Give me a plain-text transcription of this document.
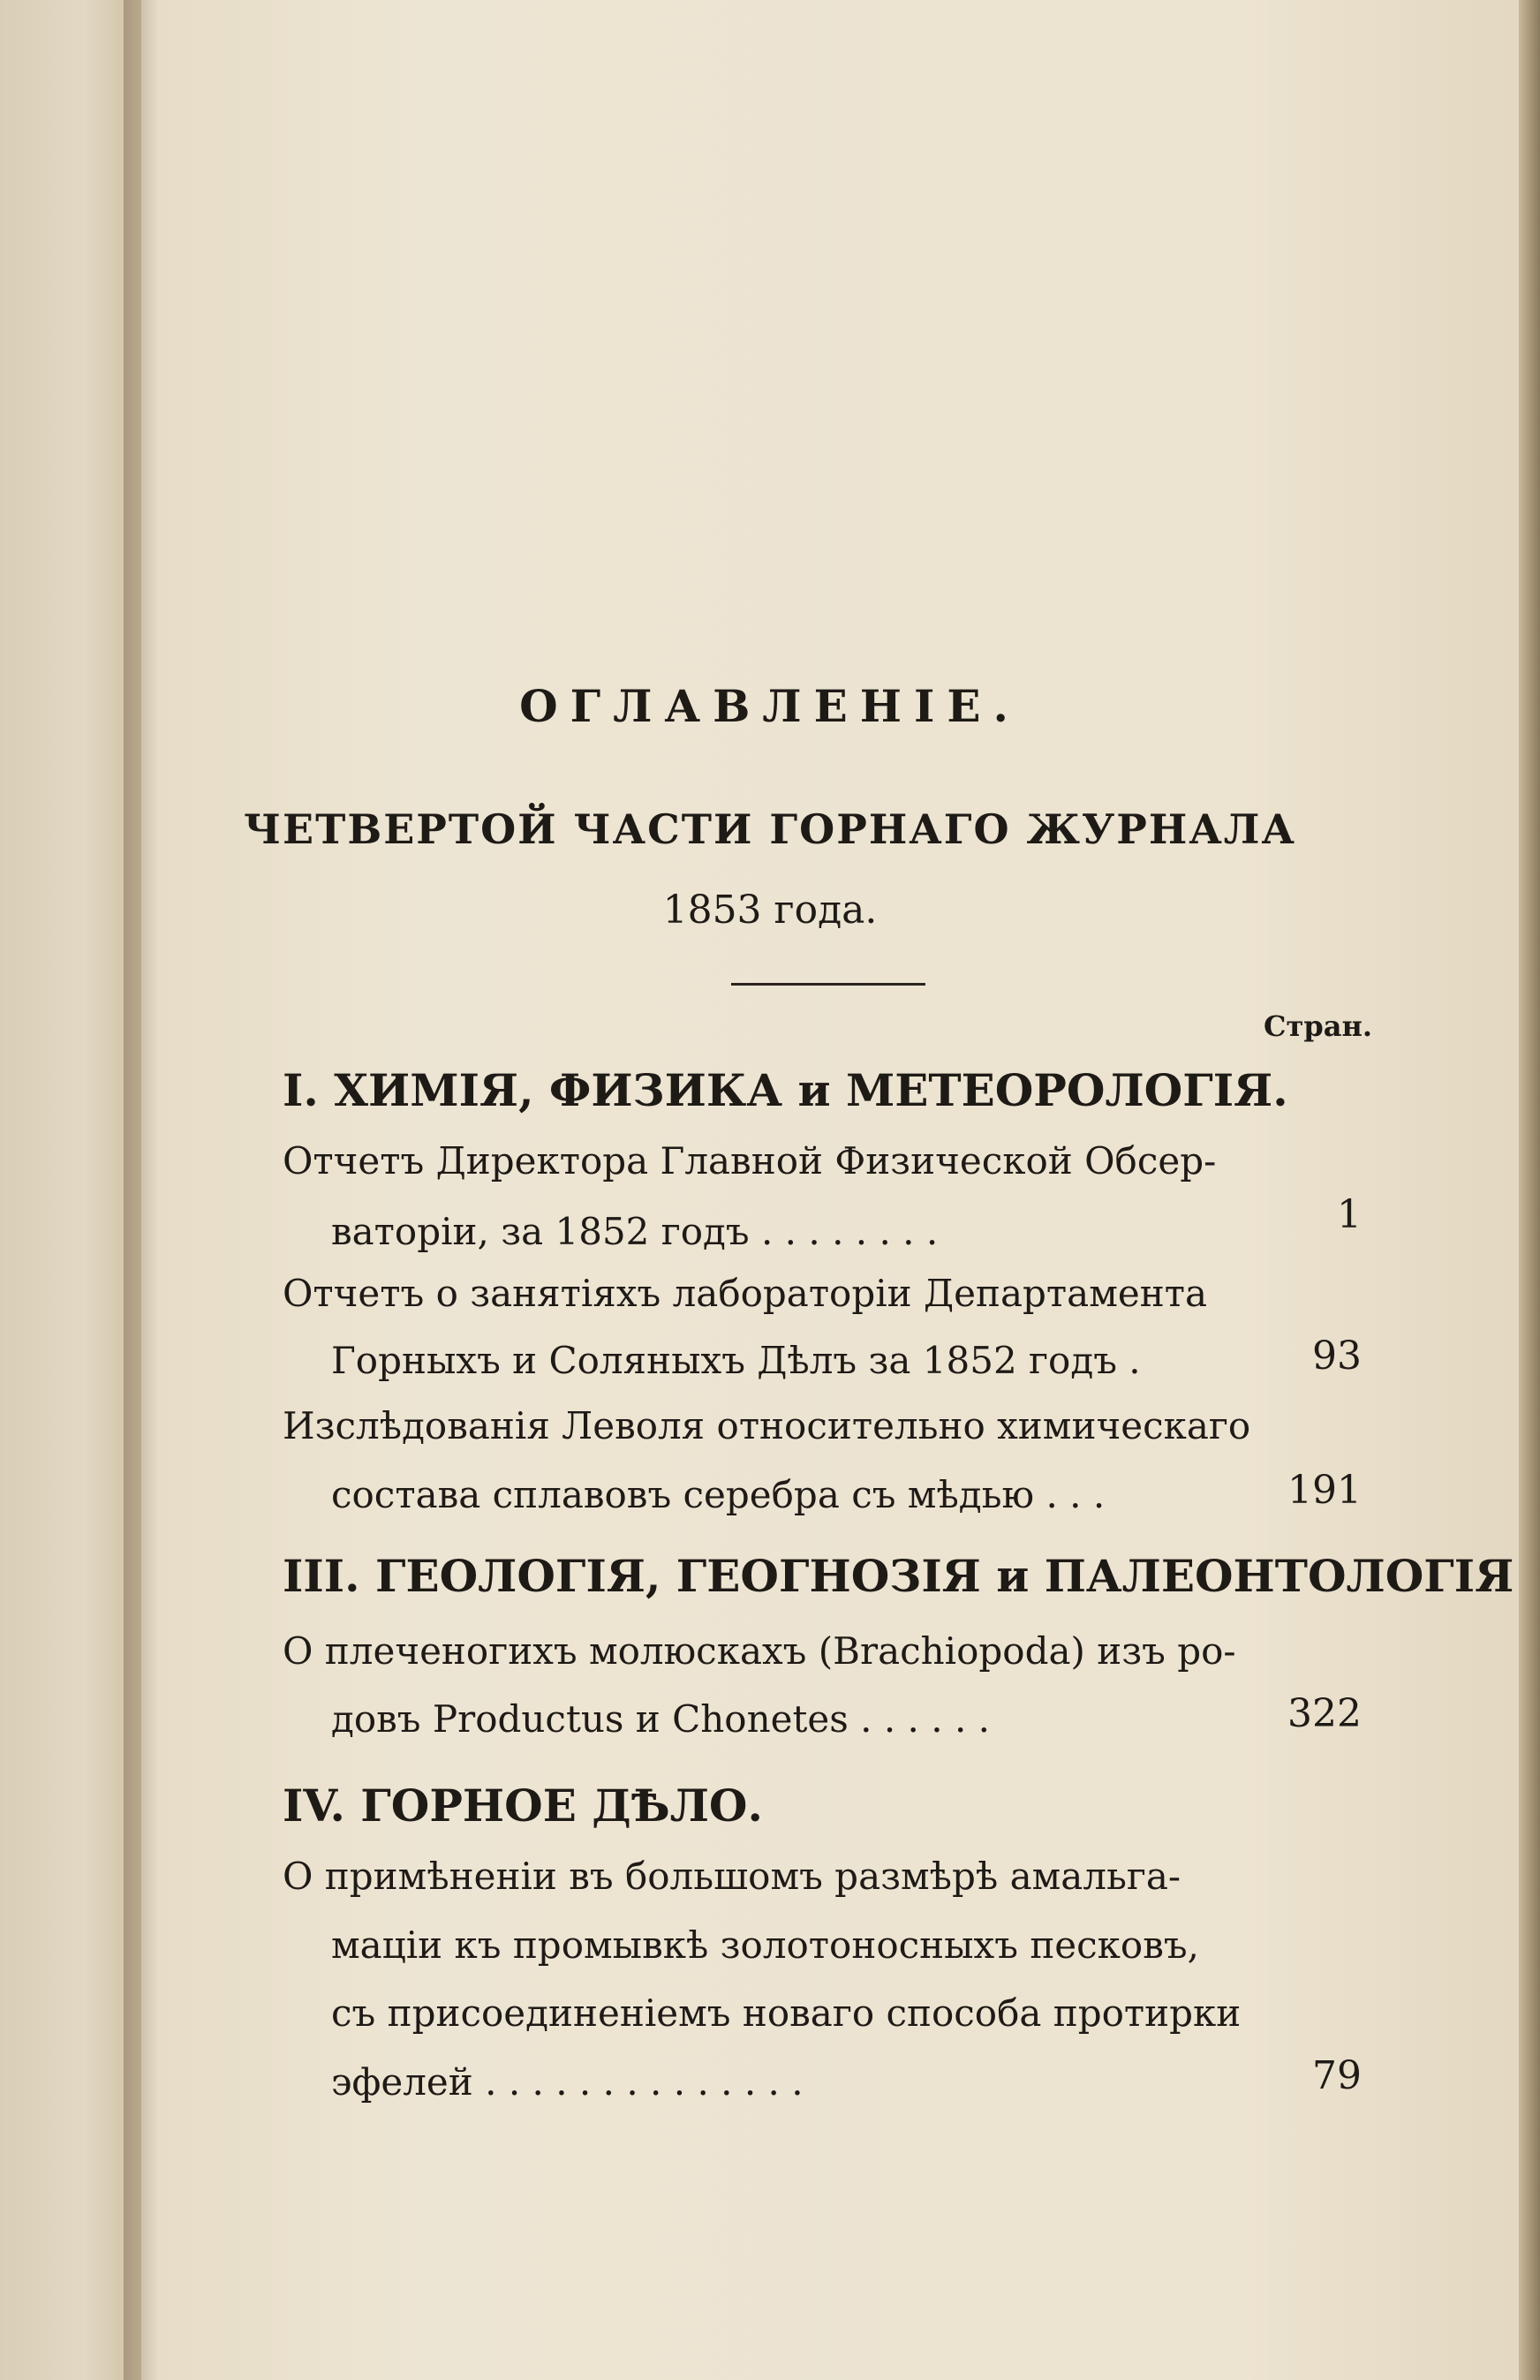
ОГЛАВЛЕНІЕ.
ЧЕТВЕРТОЙ ЧАСТИ ГОРНАГО ЖУРНАЛА
1853 года.
Стран.
I. ХИМІЯ, ФИЗИКА и МЕТЕОРОЛОГІЯ.
Отчетъ Директора Главной Физической Обсер-
ваторіи, за 1852 годъ . . . . . . . .	1
Отчетъ о занятіяхъ лабораторіи Департамента
Горныхъ и Соляныхъ Дѣлъ за 1852 годъ .	93
Изслѣдованія Леволя относительно химическаго
состава сплавовъ серебра съ мѣдью . . .	191
III. ГЕОЛОГІЯ, ГЕОГНОЗІЯ и ПАЛЕОНТОЛОГІЯ
О плеченогихъ молюскахъ (Brachiopoda) изъ ро-
довъ Productus и Chonetes . . . . . .	322
IV. ГОРНОЕ ДѢЛО.
О примѣненіи въ большомъ размѣрѣ амальга-
маціи къ промывкѣ золотоносныхъ песковъ,
съ присоединеніемъ новаго способа протирки
эфелей . . . . . . . . . . . . . .	79
